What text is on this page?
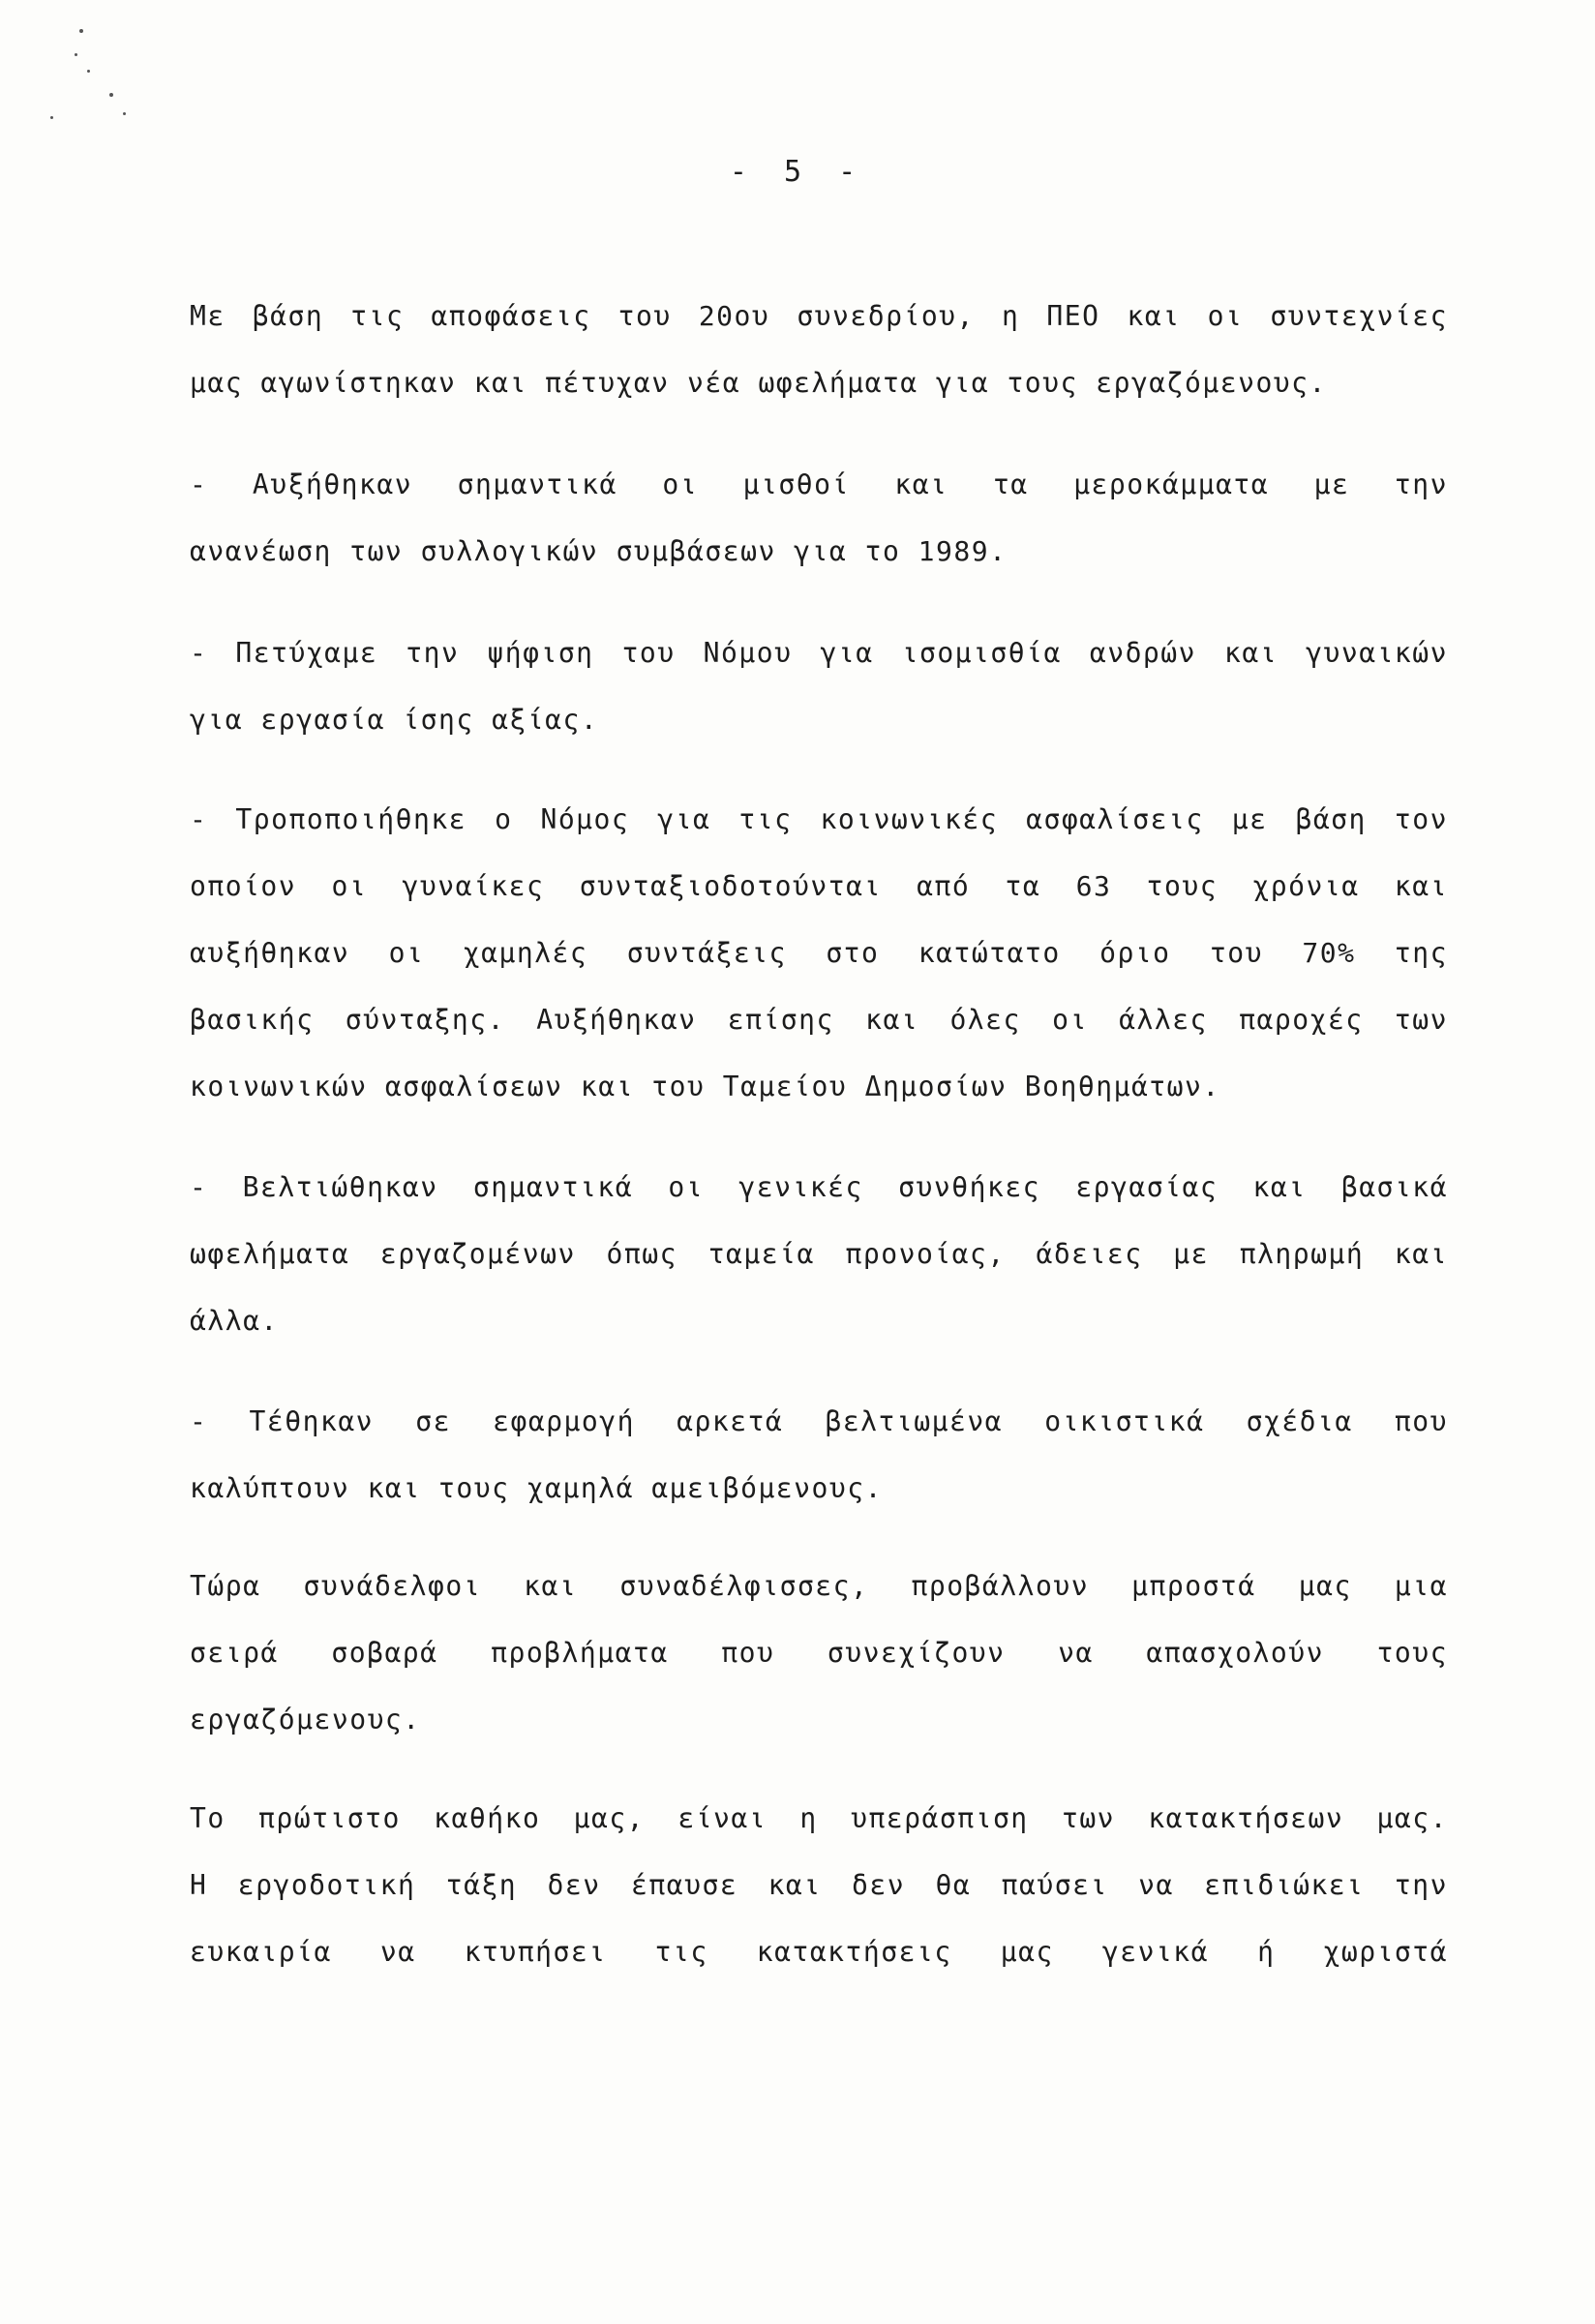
- 5 -
Με βάση τις αποφάσεις του 20ου συνεδρίου, η ΠΕΟ και οι συντεχνίες
μας αγωνίστηκαν και πέτυχαν νέα ωφελήματα για τους εργαζόμενους.
- Αυξήθηκαν σημαντικά οι μισθοί και τα μεροκάμματα με την
ανανέωση των συλλογικών συμβάσεων για το 1989.
- Πετύχαμε την ψήφιση του Νόμου για ισομισθία ανδρών και γυναικών
για εργασία ίσης αξίας.
- Τροποποιήθηκε ο Νόμος για τις κοινωνικές ασφαλίσεις με βάση τον
οποίον οι γυναίκες συνταξιοδοτούνται από τα 63 τους χρόνια και
αυξήθηκαν οι χαμηλές συντάξεις στο κατώτατο όριο του 70% της
βασικής σύνταξης. Αυξήθηκαν επίσης και όλες οι άλλες παροχές των
κοινωνικών ασφαλίσεων και του Ταμείου Δημοσίων Βοηθημάτων.
- Βελτιώθηκαν σημαντικά οι γενικές συνθήκες εργασίας και βασικά
ωφελήματα εργαζομένων όπως ταμεία προνοίας, άδειες με πληρωμή και
άλλα.
- Τέθηκαν σε εφαρμογή αρκετά βελτιωμένα οικιστικά σχέδια που
καλύπτουν και τους χαμηλά αμειβόμενους.
Τώρα συνάδελφοι και συναδέλφισσες, προβάλλουν μπροστά μας μια
σειρά σοβαρά προβλήματα που συνεχίζουν να απασχολούν τους
εργαζόμενους.
Το πρώτιστο καθήκο μας, είναι η υπεράσπιση των κατακτήσεων μας.
Η εργοδοτική τάξη δεν έπαυσε και δεν θα παύσει να επιδιώκει την
ευκαιρία να κτυπήσει τις κατακτήσεις μας γενικά ή χωριστά
